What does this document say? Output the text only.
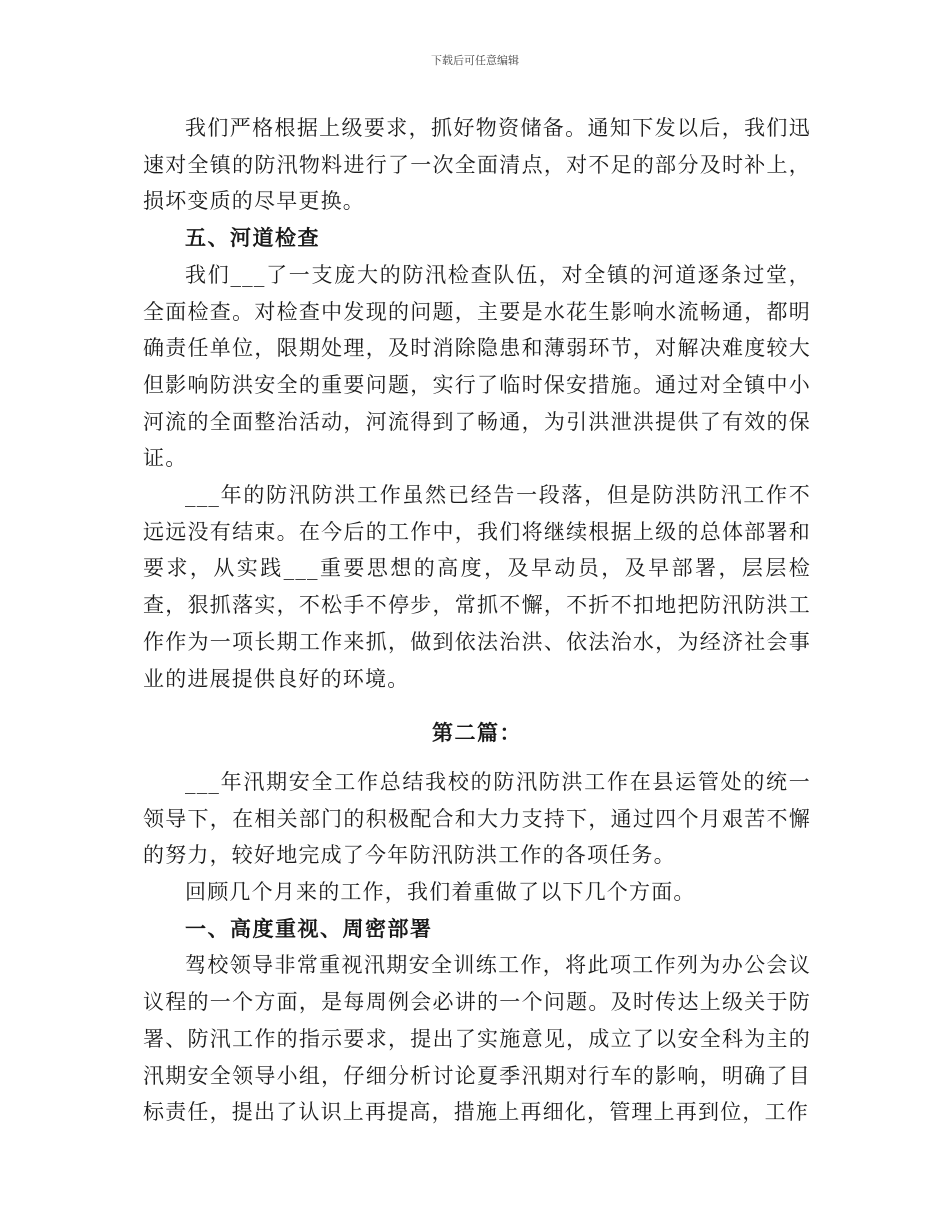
下载后可任意编辑

我们严格根据上级要求，抓好物资储备。通知下发以后，我们迅速对全镇的防汛物料进行了一次全面清点，对不足的部分及时补上，损坏变质的尽早更换。

五、河道检查

我们___了一支庞大的防汛检查队伍，对全镇的河道逐条过堂，全面检查。对检查中发现的问题，主要是水花生影响水流畅通，都明确责任单位，限期处理，及时消除隐患和薄弱环节，对解决难度较大但影响防洪安全的重要问题，实行了临时保安措施。通过对全镇中小河流的全面整治活动，河流得到了畅通，为引洪泄洪提供了有效的保证。

___年的防汛防洪工作虽然已经告一段落，但是防洪防汛工作不远远没有结束。在今后的工作中，我们将继续根据上级的总体部署和要求，从实践___重要思想的高度，及早动员，及早部署，层层检查，狠抓落实，不松手不停步，常抓不懈，不折不扣地把防汛防洪工作作为一项长期工作来抓，做到依法治洪、依法治水，为经济社会事业的进展提供良好的环境。

第二篇：

___年汛期安全工作总结我校的防汛防洪工作在县运管处的统一领导下，在相关部门的积极配合和大力支持下，通过四个月艰苦不懈的努力，较好地完成了今年防汛防洪工作的各项任务。

回顾几个月来的工作，我们着重做了以下几个方面。

一、高度重视、周密部署

驾校领导非常重视汛期安全训练工作，将此项工作列为办公会议议程的一个方面，是每周例会必讲的一个问题。及时传达上级关于防署、防汛工作的指示要求，提出了实施意见，成立了以安全科为主的汛期安全领导小组，仔细分析讨论夏季汛期对行车的影响，明确了目标责任，提出了认识上再提高，措施上再细化，管理上再到位，工作
